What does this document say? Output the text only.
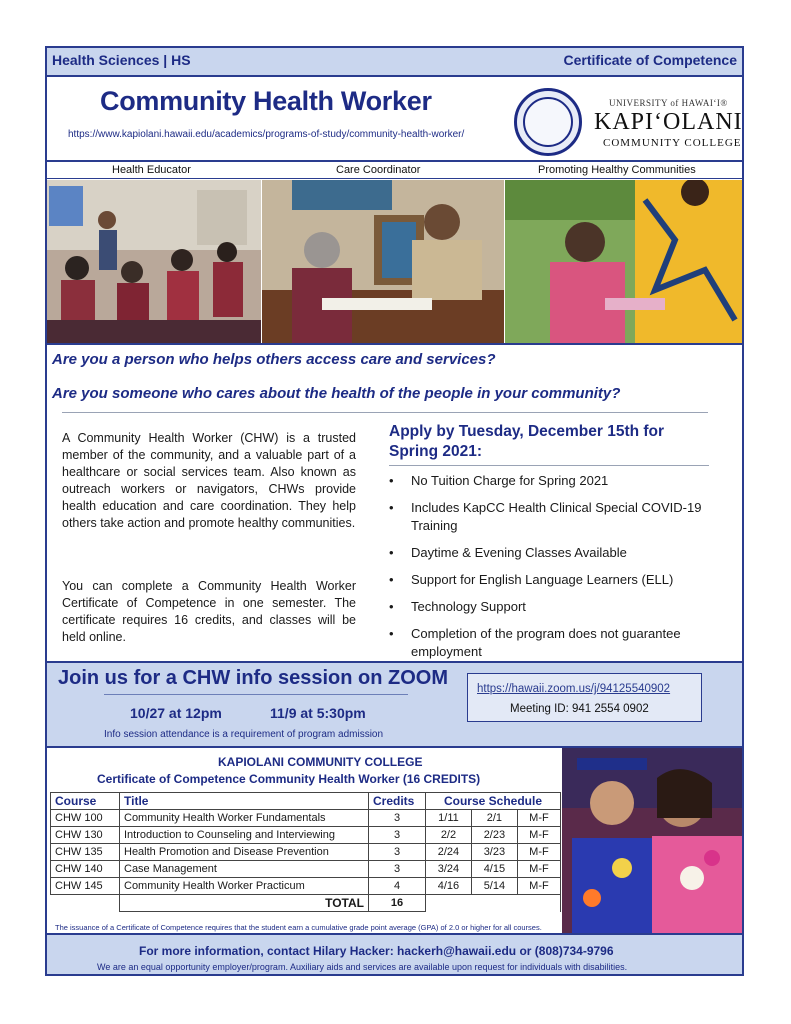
Health Sciences | HS	Certificate of Competence
Community Health Worker
https://www.kapiolani.hawaii.edu/academics/programs-of-study/community-health-worker/
UNIVERSITY of HAWAI‘I®
KAPI‘OLANI
COMMUNITY COLLEGE
Health Educator	Care Coordinator	Promoting Healthy Communities
Are you a person who helps others access care and services?
Are you someone who cares about the health of the people in your community?
A Community Health Worker (CHW) is a trusted member of the community, and a valuable part of a healthcare or social services team. Also known as outreach workers or navigators, CHWs provide health education and care coordination. They help others take action and promote healthy communities.
You can complete a Community Health Worker Certificate of Competence in one semester. The certificate requires 16 credits, and classes will be held online.
Apply by Tuesday, December 15th for Spring 2021:
• No Tuition Charge for Spring 2021
• Includes KapCC Health Clinical Special COVID-19 Training
• Daytime & Evening Classes Available
• Support for English Language Learners (ELL)
• Technology Support
• Completion of the program does not guarantee employment
Join us for a CHW info session on ZOOM
10/27 at 12pm	11/9 at 5:30pm
Info session attendance is a requirement of program admission
https://hawaii.zoom.us/j/94125540902
Meeting ID: 941 2554 0902
KAPIOLANI COMMUNITY COLLEGE
Certificate of Competence Community Health Worker (16 CREDITS)
Course	Title	Credits	Course Schedule		
CHW 100	Community Health Worker Fundamentals	3	1/11	2/1	M-F
CHW 130	Introduction to Counseling and Interviewing	3	2/2	2/23	M-F
CHW 135	Health Promotion and Disease Prevention	3	2/24	3/23	M-F
CHW 140	Case Management	3	3/24	4/15	M-F
CHW 145	Community Health Worker Practicum	4	4/16	5/14	M-F
	TOTAL	16			
The issuance of a Certificate of Competence requires that the student earn a cumulative grade point average (GPA) of 2.0 or higher for all courses.
For more information, contact Hilary Hacker: hackerh@hawaii.edu or (808)734-9796
We are an equal opportunity employer/program. Auxiliary aids and services are available upon request for individuals with disabilities.
